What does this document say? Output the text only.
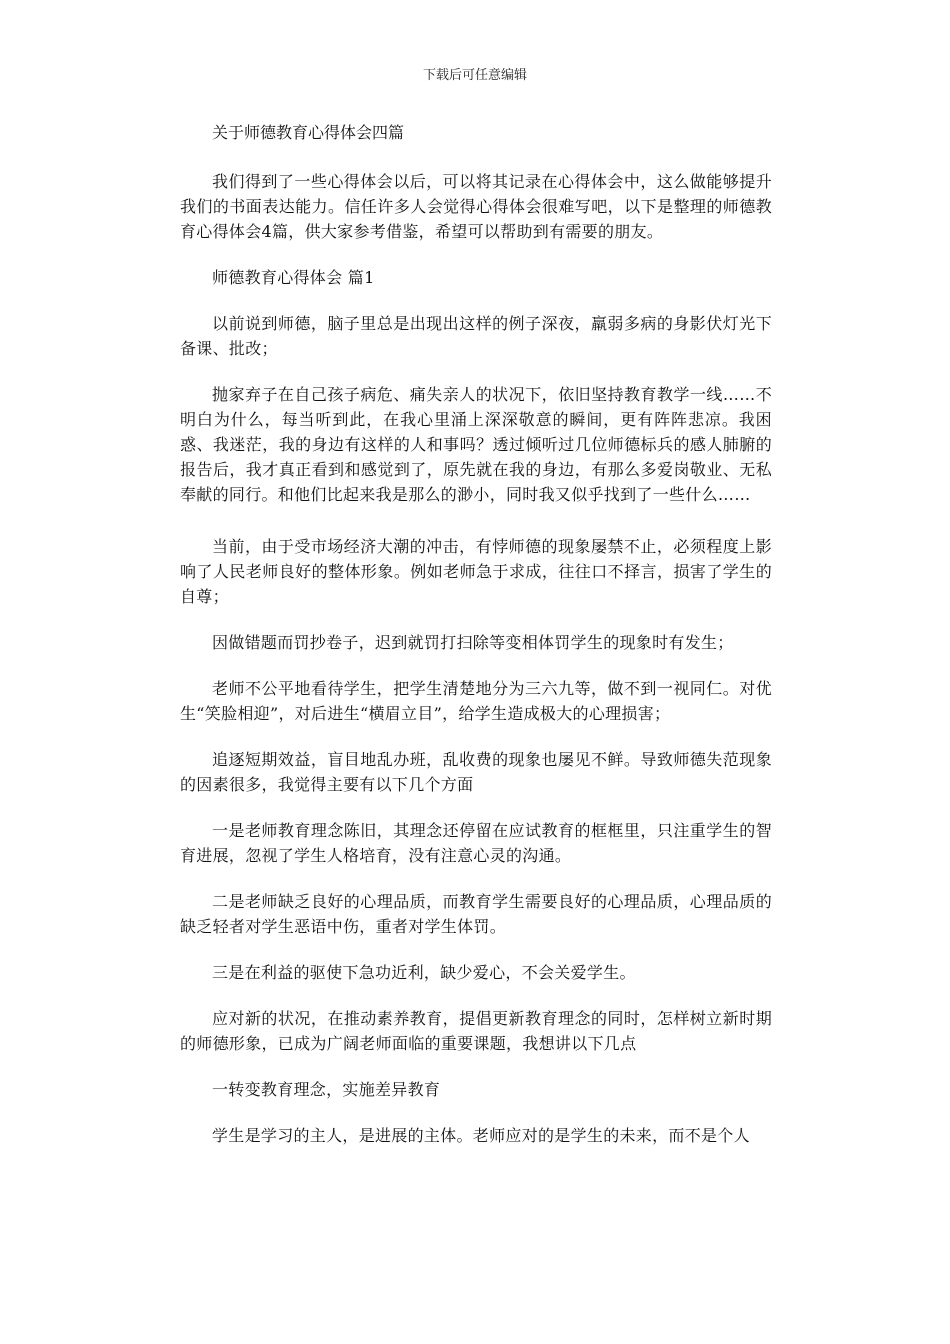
下载后可任意编辑

关于师德教育心得体会四篇

我们得到了一些心得体会以后，可以将其记录在心得体会中，这么做能够提升我们的书面表达能力。信任许多人会觉得心得体会很难写吧，以下是整理的师德教育心得体会4篇，供大家参考借鉴，希望可以帮助到有需要的朋友。

师德教育心得体会 篇1

以前说到师德，脑子里总是出现出这样的例子深夜，羸弱多病的身影伏灯光下备课、批改；

抛家弃子在自己孩子病危、痛失亲人的状况下，依旧坚持教育教学一线……不明白为什么，每当听到此，在我心里涌上深深敬意的瞬间，更有阵阵悲凉。我困惑、我迷茫，我的身边有这样的人和事吗？透过倾听过几位师德标兵的感人肺腑的报告后，我才真正看到和感觉到了，原先就在我的身边，有那么多爱岗敬业、无私奉献的同行。和他们比起来我是那么的渺小，同时我又似乎找到了一些什么……

当前，由于受市场经济大潮的冲击，有悖师德的现象屡禁不止，必须程度上影响了人民老师良好的整体形象。例如老师急于求成，往往口不择言，损害了学生的自尊；

因做错题而罚抄卷子，迟到就罚打扫除等变相体罚学生的现象时有发生；

老师不公平地看待学生，把学生清楚地分为三六九等，做不到一视同仁。对优生“笑脸相迎”，对后进生“横眉立目”，给学生造成极大的心理损害；

追逐短期效益，盲目地乱办班，乱收费的现象也屡见不鲜。导致师德失范现象的因素很多，我觉得主要有以下几个方面

一是老师教育理念陈旧，其理念还停留在应试教育的框框里，只注重学生的智育进展，忽视了学生人格培育，没有注意心灵的沟通。

二是老师缺乏良好的心理品质，而教育学生需要良好的心理品质，心理品质的缺乏轻者对学生恶语中伤，重者对学生体罚。

三是在利益的驱使下急功近利，缺少爱心，不会关爱学生。

应对新的状况，在推动素养教育，提倡更新教育理念的同时，怎样树立新时期的师德形象，已成为广阔老师面临的重要课题，我想讲以下几点

一转变教育理念，实施差异教育

学生是学习的主人，是进展的主体。老师应对的是学生的未来，而不是个人
